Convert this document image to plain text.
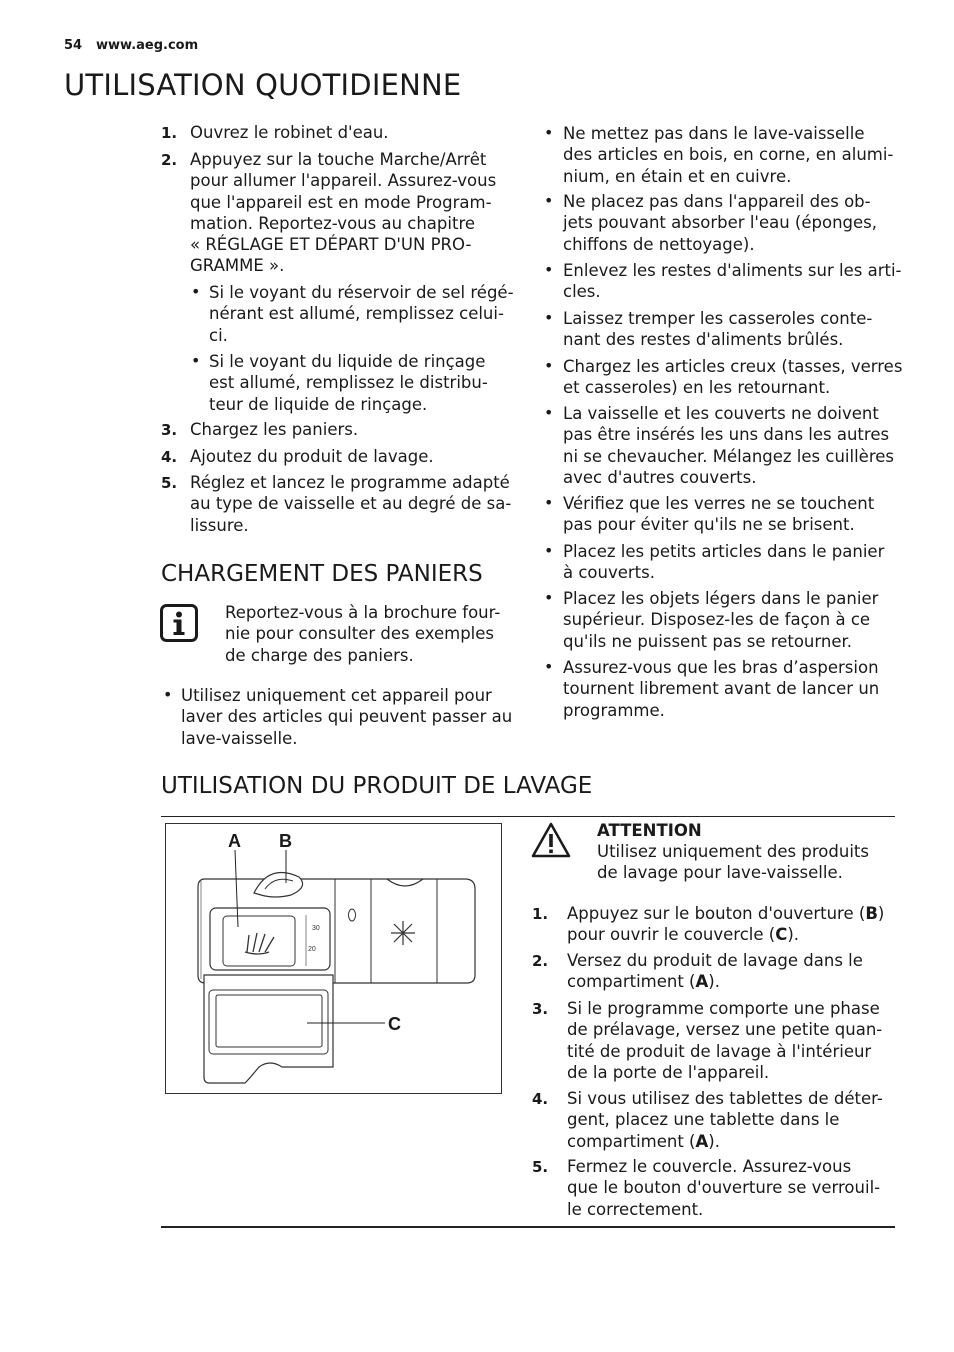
54 www.aeg.com
UTILISATION QUOTIDIENNE
1. Ouvrez le robinet d'eau.
2. Appuyez sur la touche Marche/Arrêt
pour allumer l'appareil. Assurez-vous
que l'appareil est en mode Program-
mation. Reportez-vous au chapitre
« RÉGLAGE ET DÉPART D'UN PRO-
GRAMME ».
3. Chargez les paniers.
4. Ajoutez du produit de lavage.
5. Réglez et lancez le programme adapté
au type de vaisselle et au degré de sa-
lissure.
• Si le voyant du réservoir de sel régé-
nérant est allumé, remplissez celui-
ci.
• Si le voyant du liquide de rinçage
est allumé, remplissez le distribu-
teur de liquide de rinçage.
CHARGEMENT DES PANIERS
Reportez-vous à la brochure four-
nie pour consulter des exemples
de charge des paniers.
• Utilisez uniquement cet appareil pour
laver des articles qui peuvent passer au
lave-vaisselle.
• Ne mettez pas dans le lave-vaisselle
des articles en bois, en corne, en alumi-
nium, en étain et en cuivre.
• Ne placez pas dans l'appareil des ob-
jets pouvant absorber l'eau (éponges,
chiffons de nettoyage).
• Enlevez les restes d'aliments sur les arti-
cles.
• Laissez tremper les casseroles conte-
nant des restes d'aliments brûlés.
• Chargez les articles creux (tasses, verres
et casseroles) en les retournant.
• La vaisselle et les couverts ne doivent
pas être insérés les uns dans les autres
ni se chevaucher. Mélangez les cuillères
avec d'autres couverts.
• Vérifiez que les verres ne se touchent
pas pour éviter qu'ils ne se brisent.
• Placez les petits articles dans le panier
à couverts.
• Placez les objets légers dans le panier
supérieur. Disposez-les de façon à ce
qu'ils ne puissent pas se retourner.
• Assurez-vous que les bras d’aspersion
tournent librement avant de lancer un
programme.
UTILISATION DU PRODUIT DE LAVAGE
30
20
A B
C
ATTENTION
Utilisez uniquement des produits
de lavage pour lave-vaisselle.
1. Appuyez sur le bouton d'ouverture (B)
pour ouvrir le couvercle (C).
2. Versez du produit de lavage dans le
compartiment (A).
3. Si le programme comporte une phase
de prélavage, versez une petite quan-
tité de produit de lavage à l'intérieur
de la porte de l'appareil.
4. Si vous utilisez des tablettes de déter-
gent, placez une tablette dans le
compartiment (A).
5. Fermez le couvercle. Assurez-vous
que le bouton d'ouverture se verrouil-
le correctement.
